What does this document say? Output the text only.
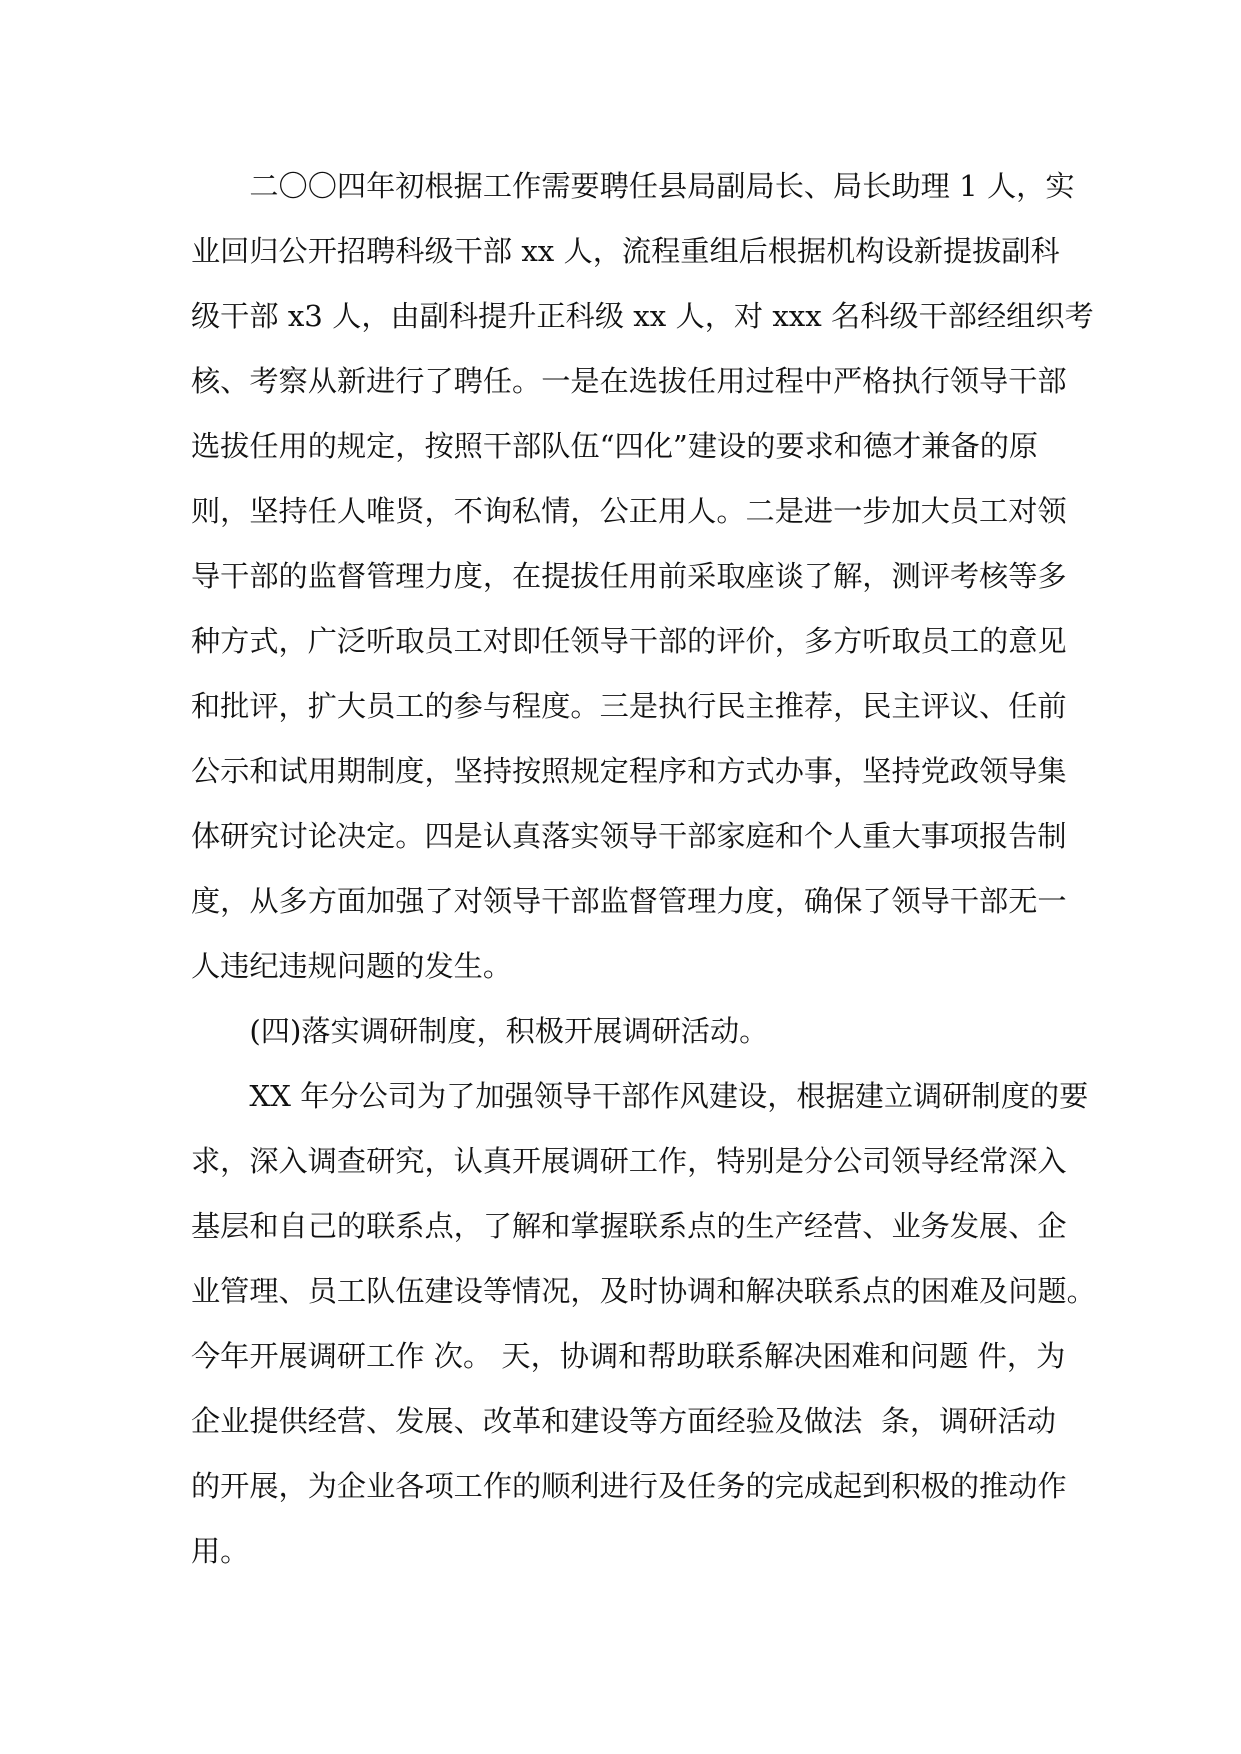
　　二〇〇四年初根据工作需要聘任县局副局长、局长助理 1 人，实
业回归公开招聘科级干部 xx 人，流程重组后根据机构设新提拔副科
级干部 x3 人，由副科提升正科级 xx 人，对 xxx 名科级干部经组织考
核、考察从新进行了聘任。一是在选拔任用过程中严格执行领导干部
选拔任用的规定，按照干部队伍“四化”建设的要求和德才兼备的原
则，坚持任人唯贤，不询私情，公正用人。二是进一步加大员工对领
导干部的监督管理力度，在提拔任用前采取座谈了解，测评考核等多
种方式，广泛听取员工对即任领导干部的评价，多方听取员工的意见
和批评，扩大员工的参与程度。三是执行民主推荐，民主评议、任前
公示和试用期制度，坚持按照规定程序和方式办事，坚持党政领导集
体研究讨论决定。四是认真落实领导干部家庭和个人重大事项报告制
度，从多方面加强了对领导干部监督管理力度，确保了领导干部无一
人违纪违规问题的发生。
　　(四)落实调研制度，积极开展调研活动。
　　XX 年分公司为了加强领导干部作风建设，根据建立调研制度的要
求，深入调查研究，认真开展调研工作，特别是分公司领导经常深入
基层和自己的联系点，了解和掌握联系点的生产经营、业务发展、企
业管理、员工队伍建设等情况，及时协调和解决联系点的困难及问题。
今年开展调研工作 次。 天，协调和帮助联系解决困难和问题 件，为
企业提供经营、发展、改革和建设等方面经验及做法  条，调研活动
的开展，为企业各项工作的顺利进行及任务的完成起到积极的推动作
用。
